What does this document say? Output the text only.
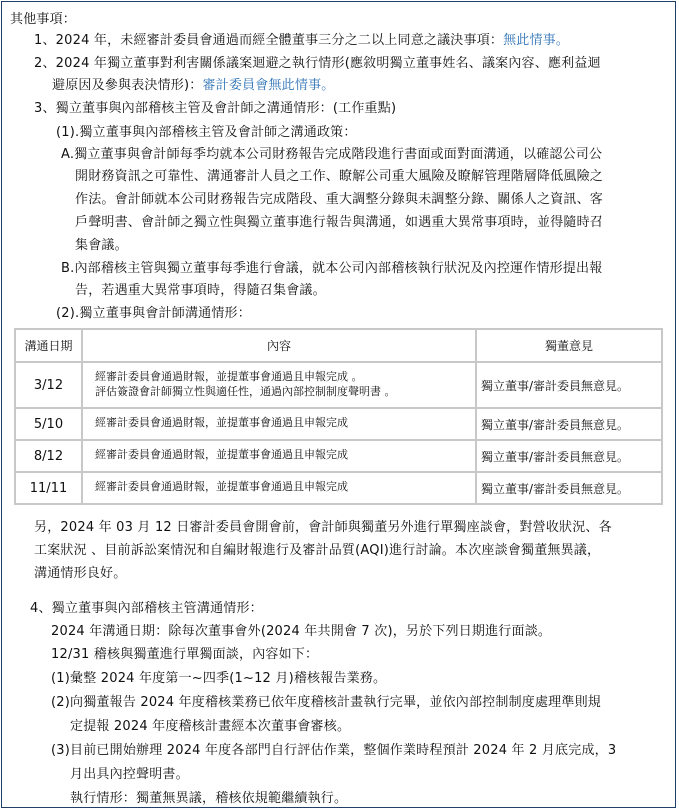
其他事項：
1、2024 年，未經審計委員會通過而經全體董事三分之二以上同意之議決事項：無此情事。
2、2024 年獨立董事對利害關係議案迴避之執行情形(應敘明獨立董事姓名、議案內容、應利益迴
避原因及參與表決情形)：審計委員會無此情事。
3、獨立董事與內部稽核主管及會計師之溝通情形：(工作重點)
(1).獨立董事與內部稽核主管及會計師之溝通政策：
A.獨立董事與會計師每季均就本公司財務報告完成階段進行書面或面對面溝通，以確認公司公
開財務資訊之可靠性、溝通審計人員之工作、瞭解公司重大風險及瞭解管理階層降低風險之
作法。會計師就本公司財務報告完成階段、重大調整分錄與未調整分錄、關係人之資訊、客
戶聲明書、會計師之獨立性與獨立董事進行報告與溝通，如遇重大異常事項時，並得隨時召
集會議。
B.內部稽核主管與獨立董事每季進行會議，就本公司內部稽核執行狀況及內控運作情形提出報
告，若遇重大異常事項時，得隨召集會議。
(2).獨立董事與會計師溝通情形：
溝通日期	內容	獨董意見
3/12	經審計委員會通過財報，並提董事會通過且申報完成 。
評估簽證會計師獨立性與適任性，通過內部控制制度聲明書 。	獨立董事/審計委員無意見。
5/10	經審計委員會通過財報，並提董事會通過且申報完成	獨立董事/審計委員無意見。
8/12	經審計委員會通過財報，並提董事會通過且申報完成	獨立董事/審計委員無意見。
11/11	經審計委員會通過財報，並提董事會通過且申報完成	獨立董事/審計委員無意見。
另，2024 年 03 月 12 日審計委員會開會前，會計師與獨董另外進行單獨座談會，對營收狀況、各
工案狀況 、目前訴訟案情況和自編財報進行及審計品質(AQI)進行討論。本次座談會獨董無異議，
溝通情形良好。
4、獨立董事與內部稽核主管溝通情形：
2024 年溝通日期：除每次董事會外(2024 年共開會 7 次)，另於下列日期進行面談。
12/31 稽核與獨董進行單獨面談，內容如下：
(1)彙整 2024 年度第一~四季(1~12 月)稽核報告業務。
(2)向獨董報告 2024 年度稽核業務已依年度稽核計畫執行完畢，並依內部控制制度處理準則規
定提報 2024 年度稽核計畫經本次董事會審核。
(3)目前已開始辦理 2024 年度各部門自行評估作業，整個作業時程預計 2024 年 2 月底完成，3
月出具內控聲明書。
執行情形：獨董無異議，稽核依規範繼續執行。
